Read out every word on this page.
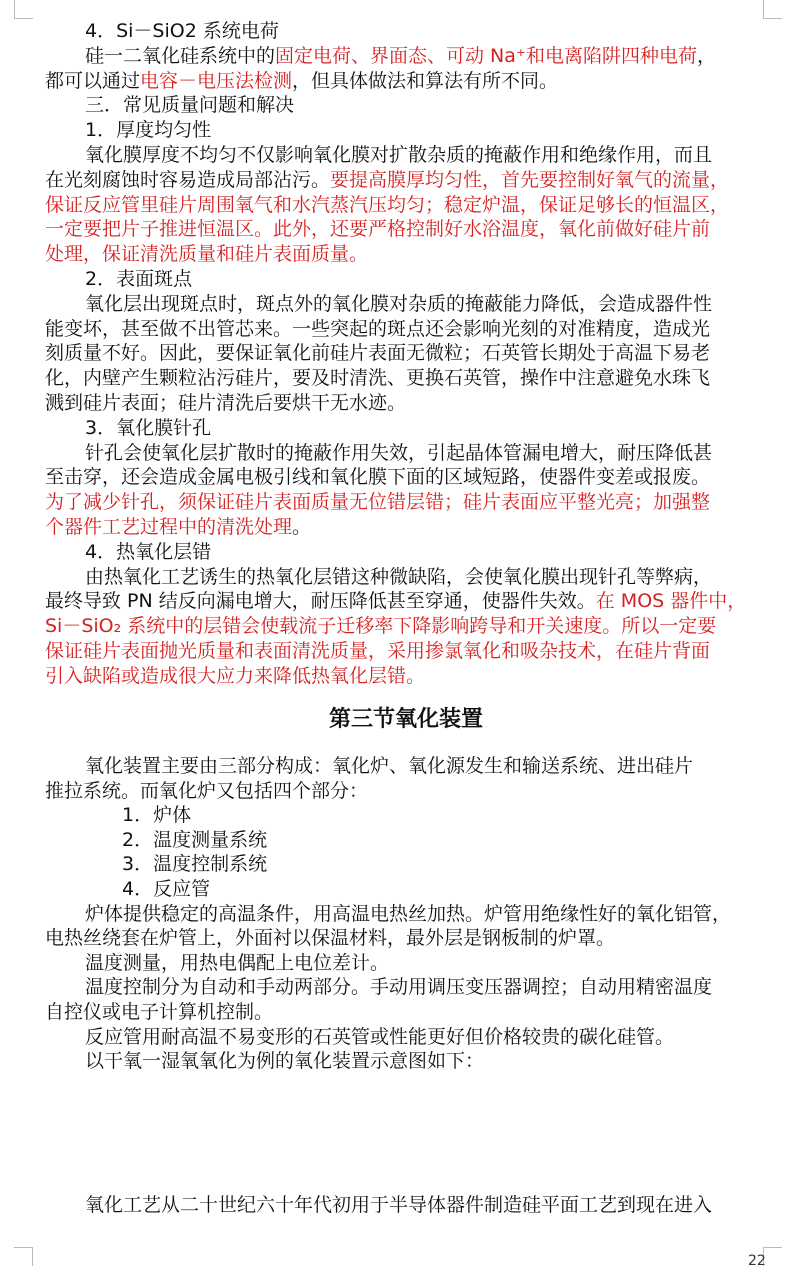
4．Si－SiO2 系统电荷
硅一二氧化硅系统中的固定电荷、界面态、可动 Na⁺和电离陷阱四种电荷，
都可以通过电容－电压法检测，但具体做法和算法有所不同。
三．常见质量问题和解决
1．厚度均匀性
氧化膜厚度不均匀不仅影响氧化膜对扩散杂质的掩蔽作用和绝缘作用，而且
在光刻腐蚀时容易造成局部沾污。要提高膜厚均匀性，首先要控制好氧气的流量，
保证反应管里硅片周围氧气和水汽蒸汽压均匀；稳定炉温，保证足够长的恒温区，
一定要把片子推进恒温区。此外，还要严格控制好水浴温度，氧化前做好硅片前
处理，保证清洗质量和硅片表面质量。
2．表面斑点
氧化层出现斑点时，斑点外的氧化膜对杂质的掩蔽能力降低，会造成器件性
能变坏，甚至做不出管芯来。一些突起的斑点还会影响光刻的对准精度，造成光
刻质量不好。因此，要保证氧化前硅片表面无微粒；石英管长期处于高温下易老
化，内壁产生颗粒沾污硅片，要及时清洗、更换石英管，操作中注意避免水珠飞
溅到硅片表面；硅片清洗后要烘干无水迹。
3．氧化膜针孔
针孔会使氧化层扩散时的掩蔽作用失效，引起晶体管漏电增大，耐压降低甚
至击穿，还会造成金属电极引线和氧化膜下面的区域短路，使器件变差或报废。
为了减少针孔，须保证硅片表面质量无位错层错；硅片表面应平整光亮；加强整
个器件工艺过程中的清洗处理。
4．热氧化层错
由热氧化工艺诱生的热氧化层错这种微缺陷，会使氧化膜出现针孔等弊病，
最终导致 PN 结反向漏电增大，耐压降低甚至穿通，使器件失效。在 MOS 器件中，
Si－SiO₂ 系统中的层错会使载流子迁移率下降影响跨导和开关速度。所以一定要
保证硅片表面抛光质量和表面清洗质量，采用掺氯氧化和吸杂技术，在硅片背面
引入缺陷或造成很大应力来降低热氧化层错。
第三节氧化装置
氧化装置主要由三部分构成：氧化炉、氧化源发生和输送系统、进出硅片
推拉系统。而氧化炉又包括四个部分：
1．炉体
2．温度测量系统
3．温度控制系统
4．反应管
炉体提供稳定的高温条件，用高温电热丝加热。炉管用绝缘性好的氧化铝管，
电热丝绕套在炉管上，外面衬以保温材料，最外层是钢板制的炉罩。
温度测量，用热电偶配上电位差计。
温度控制分为自动和手动两部分。手动用调压变压器调控；自动用精密温度
自控仪或电子计算机控制。
反应管用耐高温不易变形的石英管或性能更好但价格较贵的碳化硅管。
以干氧一湿氧氧化为例的氧化装置示意图如下：
氧化工艺从二十世纪六十年代初用于半导体器件制造硅平面工艺到现在进入
22
